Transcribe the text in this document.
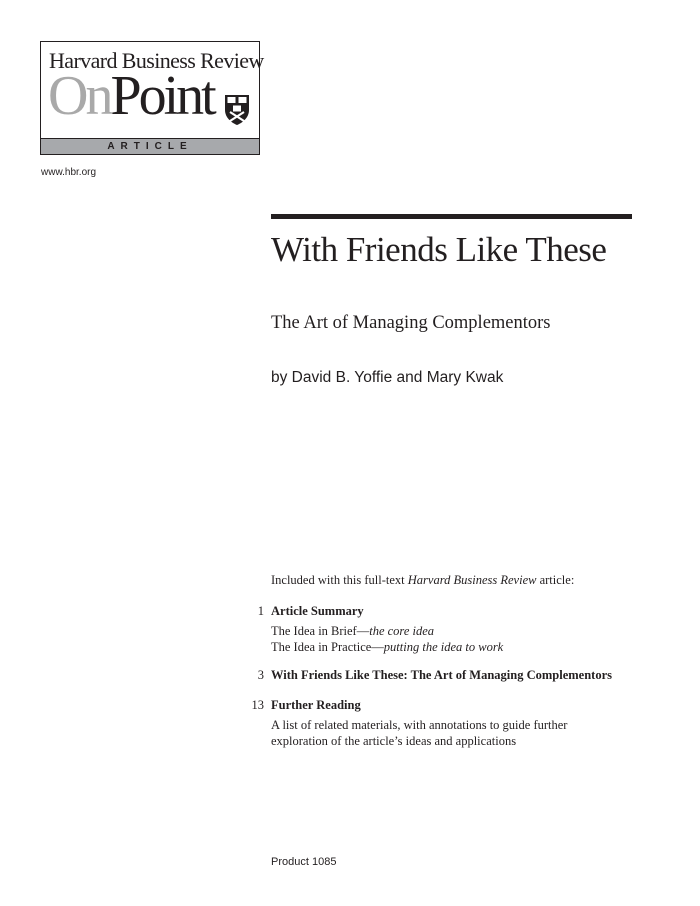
Harvard Business Review
OnPoint
ARTICLE
www.hbr.org
With Friends Like These
The Art of Managing Complementors
by David B. Yoffie and Mary Kwak
Included with this full-text Harvard Business Review article:
1 Article Summary
The Idea in Brief—the core idea
The Idea in Practice—putting the idea to work
3 With Friends Like These: The Art of Managing Complementors
13 Further Reading
A list of related materials, with annotations to guide further
exploration of the article’s ideas and applications
Product 1085
